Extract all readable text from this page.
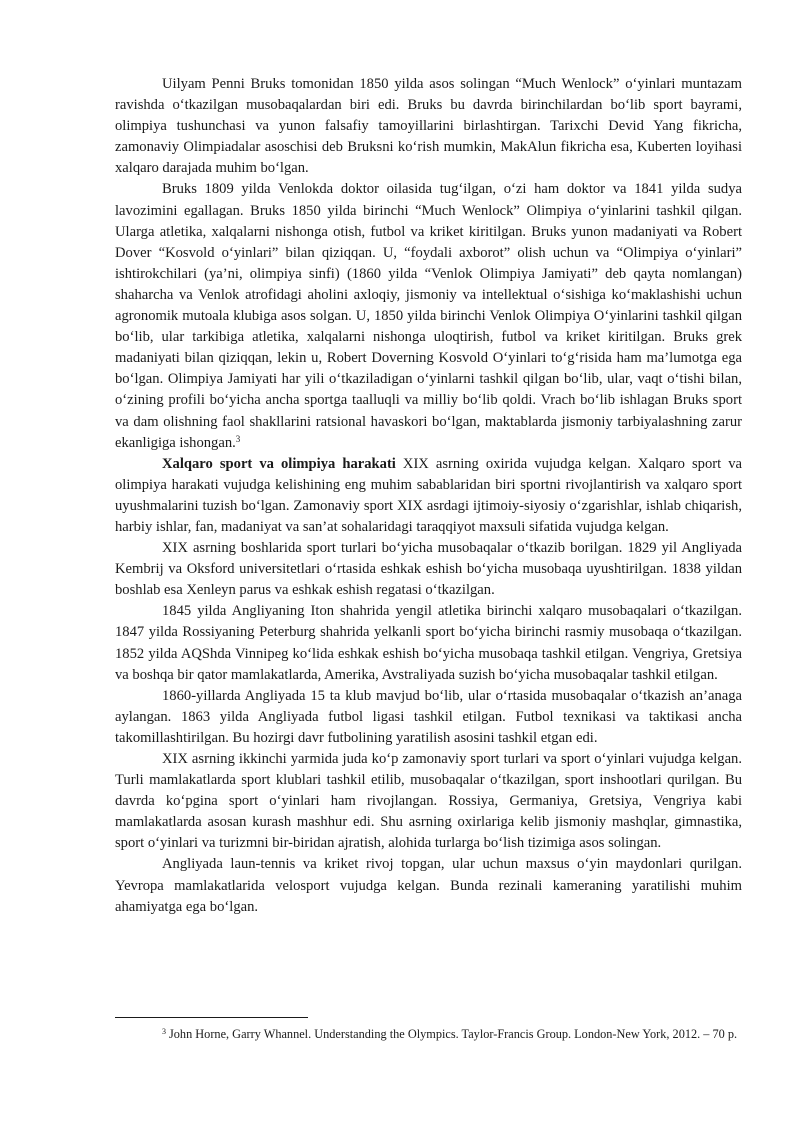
Uilyam Penni Bruks tomonidan 1850 yilda asos solingan “Much Wenlock” o‘yinlari muntazam ravishda o‘tkazilgan musobaqalardan biri edi. Bruks bu davrda birinchilardan bo‘lib sport bayrami, olimpiya tushunchasi va yunon falsafiy tamoyillarini birlashtirgan. Tarixchi Devid Yang fikricha, zamonaviy Olimpiadalar asoschisi deb Bruksni ko‘rish mumkin, MakAlun fikricha esa, Kuberten loyihasi xalqaro darajada muhim bo‘lgan.

Bruks 1809 yilda Venlokda doktor oilasida tug‘ilgan, o‘zi ham doktor va 1841 yilda sudya lavozimini egallagan. Bruks 1850 yilda birinchi “Much Wenlock” Olimpiya o‘yinlarini tashkil qilgan. Ularga atletika, xalqalarni nishonga otish, futbol va kriket kiritilgan. Bruks yunon madaniyati va Robert Dover “Kosvold o‘yinlari” bilan qiziqqan. U, “foydali axborot” olish uchun va “Olimpiya o‘yinlari” ishtirokchilari (ya’ni, olimpiya sinfi) (1860 yilda “Venlok Olimpiya Jamiyati” deb qayta nomlangan) shaharcha va Venlok atrofidagi aholini axloqiy, jismoniy va intellektual o‘sishiga ko‘maklashishi uchun agronomik mutoala klubiga asos solgan. U, 1850 yilda birinchi Venlok Olimpiya O‘yinlarini tashkil qilgan bo‘lib, ular tarkibiga atletika, xalqalarni nishonga uloqtirish, futbol va kriket kiritilgan. Bruks grek madaniyati bilan qiziqqan, lekin u, Robert Doverning Kosvold O‘yinlari to‘g‘risida ham ma’lumotga ega bo‘lgan. Olimpiya Jamiyati har yili o‘tkaziladigan o‘yinlarni tashkil qilgan bo‘lib, ular, vaqt o‘tishi bilan, o‘zining profili bo‘yicha ancha sportga taalluqli va milliy bo‘lib qoldi. Vrach bo‘lib ishlagan Bruks sport va dam olishning faol shakllarini ratsional havaskori bo‘lgan, maktablarda jismoniy tarbiyalashning zarur ekanligiga ishongan.$^3$

Xalqaro sport va olimpiya harakati XIX asrning oxirida vujudga kelgan. Xalqaro sport va olimpiya harakati vujudga kelishining eng muhim sabablaridan biri sportni rivojlantirish va xalqaro sport uyushmalarini tuzish bo‘lgan. Zamonaviy sport XIX asrdagi ijtimoiy-siyosiy o‘zgarishlar, ishlab chiqarish, harbiy ishlar, fan, madaniyat va san’at sohalaridagi taraqqiyot maxsuli sifatida vujudga kelgan.

XIX asrning boshlarida sport turlari bo‘yicha musobaqalar o‘tkazib borilgan. 1829 yil Angliyada Kembrij va Oksford universitetlari o‘rtasida eshkak eshish bo‘yicha musobaqa uyushtirilgan. 1838 yildan boshlab esa Xenleyn parus va eshkak eshish regatasi o‘tkazilgan.

1845 yilda Angliyaning Iton shahrida yengil atletika birinchi xalqaro musobaqalari o‘tkazilgan. 1847 yilda Rossiyaning Peterburg shahrida yelkanli sport bo‘yicha birinchi rasmiy musobaqa o‘tkazilgan. 1852 yilda AQShda Vinnipeg ko‘lida eshkak eshish bo‘yicha musobaqa tashkil etilgan. Vengriya, Gretsiya va boshqa bir qator mamlakatlarda, Amerika, Avstraliyada suzish bo‘yicha musobaqalar tashkil etilgan.

1860-yillarda Angliyada 15 ta klub mavjud bo‘lib, ular o‘rtasida musobaqalar o‘tkazish an’anaga aylangan. 1863 yilda Angliyada futbol ligasi tashkil etilgan. Futbol texnikasi va taktikasi ancha takomillashtirilgan. Bu hozirgi davr futbolining yaratilish asosini tashkil etgan edi.

XIX asrning ikkinchi yarmida juda ko‘p zamonaviy sport turlari va sport o‘yinlari vujudga kelgan. Turli mamlakatlarda sport klublari tashkil etilib, musobaqalar o‘tkazilgan, sport inshootlari qurilgan. Bu davrda ko‘pgina sport o‘yinlari ham rivojlangan. Rossiya, Germaniya, Gretsiya, Vengriya kabi mamlakatlarda asosan kurash mashhur edi. Shu asrning oxirlariga kelib jismoniy mashqlar, gimnastika, sport o‘yinlari va turizmni bir-biridan ajratish, alohida turlarga bo‘lish tizimiga asos solingan.

Angliyada laun-tennis va kriket rivoj topgan, ular uchun maxsus o‘yin maydonlari qurilgan. Yevropa mamlakatlarida velosport vujudga kelgan. Bunda rezinali kameraning yaratilishi muhim ahamiyatga ega bo‘lgan.

$^3$ John Horne, Garry Whannel. Understanding the Olympics. Taylor-Francis Group. London-New York, 2012. – 70 p.
